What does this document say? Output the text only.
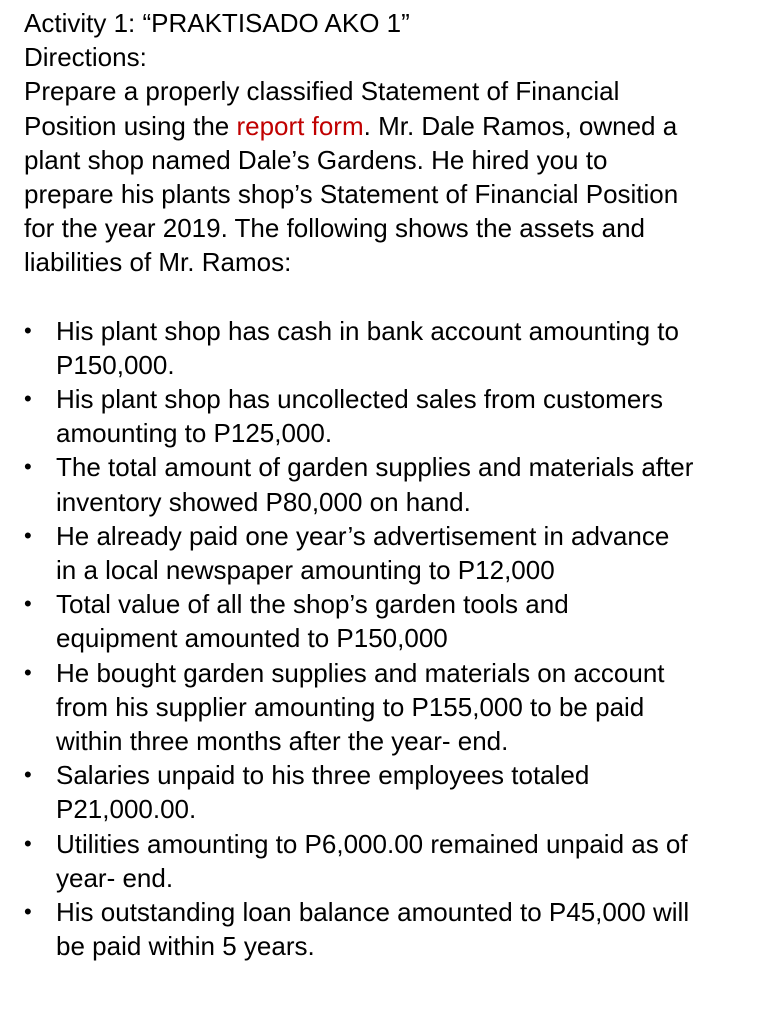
Activity 1: “PRAKTISADO AKO 1”
Directions:
Prepare a properly classified Statement of Financial
Position using the report form. Mr. Dale Ramos, owned a
plant shop named Dale’s Gardens. He hired you to
prepare his plants shop’s Statement of Financial Position
for the year 2019. The following shows the assets and
liabilities of Mr. Ramos:
• His plant shop has cash in bank account amounting to
P150,000.
• His plant shop has uncollected sales from customers
amounting to P125,000.
• The total amount of garden supplies and materials after
inventory showed P80,000 on hand.
• He already paid one year’s advertisement in advance
in a local newspaper amounting to P12,000
• Total value of all the shop’s garden tools and
equipment amounted to P150,000
• He bought garden supplies and materials on account
from his supplier amounting to P155,000 to be paid
within three months after the year- end.
• Salaries unpaid to his three employees totaled
P21,000.00.
• Utilities amounting to P6,000.00 remained unpaid as of
year- end.
• His outstanding loan balance amounted to P45,000 will
be paid within 5 years.
